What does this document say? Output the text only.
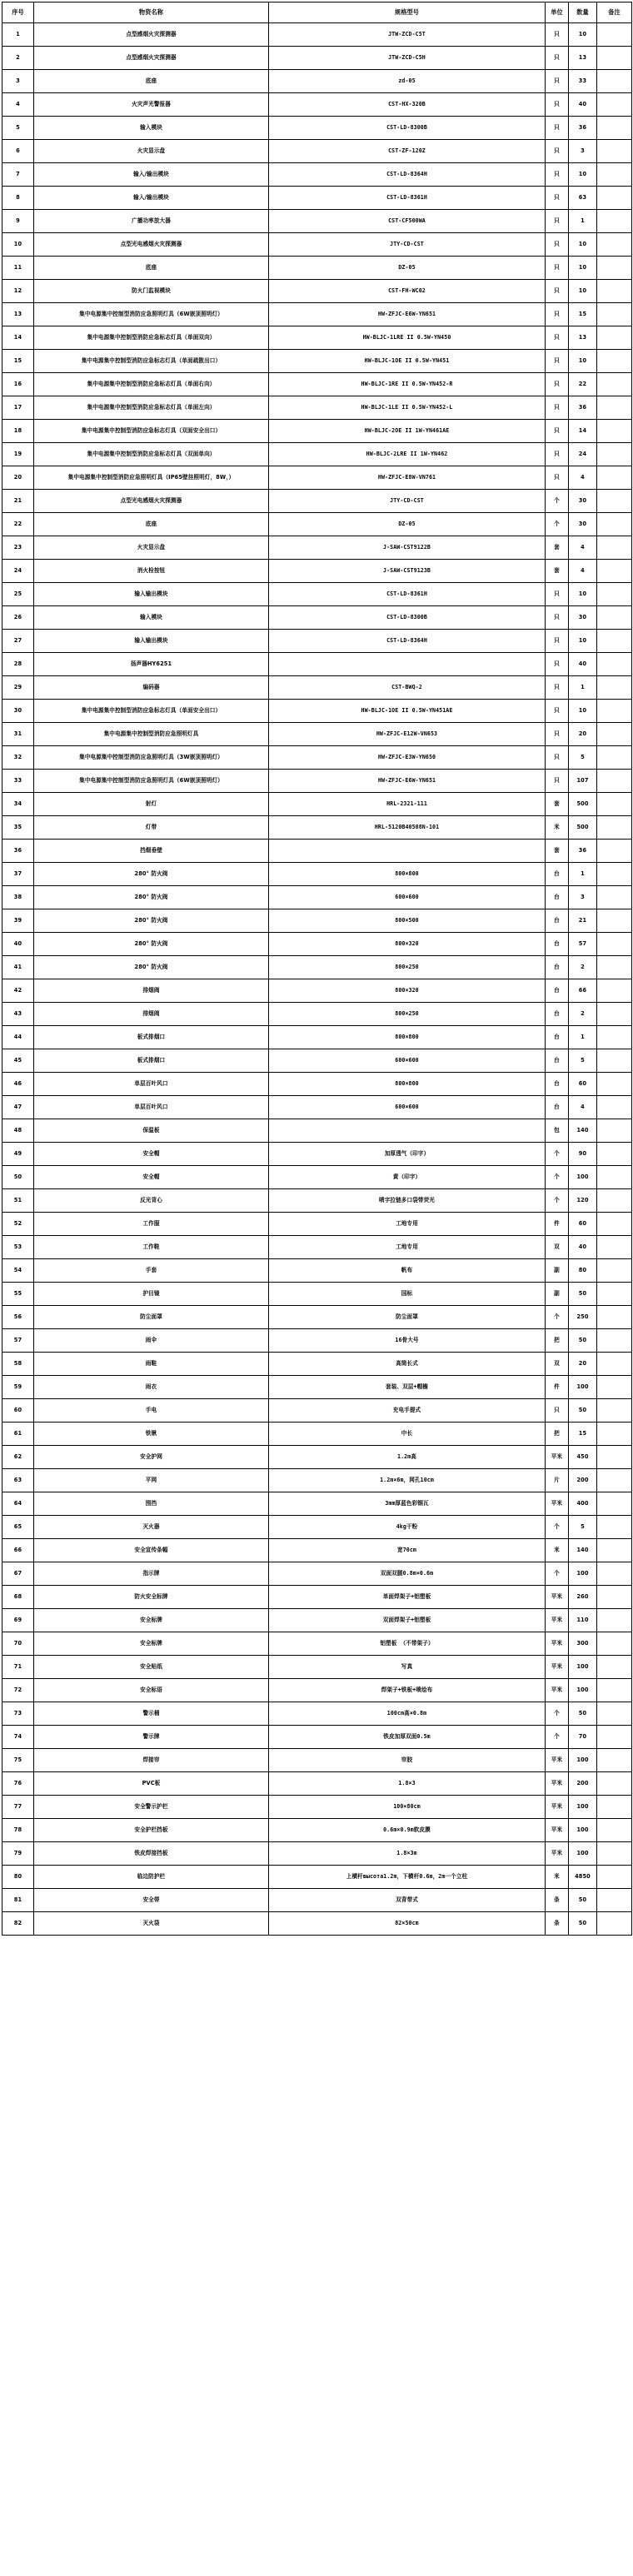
序号	物资名称	规格型号	单位	数量	备注
1	点型感烟火灾探测器	JTW-ZCD-C5T	只	10	
2	点型感烟火灾探测器	JTW-ZCD-C5H	只	13	
3	底座	zd-05	只	33	
4	火灾声光警报器	CST-HX-320B	只	40	
5	输入模块	CST-LD-8300B	只	36	
6	火灾显示盘	CST-ZF-120Z	只	3	
7	输入/输出模块	CST-LD-8364H	只	10	
8	输入/输出模块	CST-LD-8361H	只	63	
9	广播功率放大器	CST-CF500WA	只	1	
10	点型光电感烟火灾探测器	JTY-CD-CST	只	10	
11	底座	DZ-05	只	10	
12	防火门监视模块	CST-FH-WC02	只	10	
13	集中电源集中控制型消防应急照明灯具（6W嵌顶照明灯）	HW-ZFJC-E6W-YN651	只	15	
14	集中电源集中控制型消防应急标志灯具（单面双向）	HW-BLJC-1LRE II 0.5W-YN450	只	13	
15	集中电源集中控制型消防应急标志灯具（单面疏散出口）	HW-BLJC-1OE II 0.5W-YN451	只	10	
16	集中电源集中控制型消防应急标志灯具（单面右向）	HW-BLJC-1RE II 0.5W-YN452-R	只	22	
17	集中电源集中控制型消防应急标志灯具（单面左向）	HW-BLJC-1LE II 0.5W-YN452-L	只	36	
18	集中电源集中控制型消防应急标志灯具（双面安全出口）	HW-BLJC-2OE II 1W-YN461AE	只	14	
19	集中电源集中控制型消防应急标志灯具（双面单向）	HW-BLJC-2LRE II 1W-YN462	只	24	
20	集中电源集中控制型消防应急照明灯具（IP65壁挂照明灯，8W，）	HW-ZFJC-E8W-VN761	只	4	
21	点型光电感烟火灾探测器	JTY-CD-CST	个	30	
22	底座	DZ-05	个	30	
23	火灾显示盘	J-SAW-CST9122B	套	4	
24	消火栓按钮	J-SAW-CST9123B	套	4	
25	输入输出模块	CST-LD-8361H	只	10	
26	输入模块	CST-LD-8300B	只	30	
27	输入输出模块	CST-LD-8364H	只	10	
28	扬声器HY6251		只	40	
29	编码器	CST-BWQ-2	只	1	
30	集中电源集中控制型消防应急标志灯具（单面安全出口）	HW-BLJC-1OE II 0.5W-YN451AE	只	10	
31	集中电源集中控制型消防应急照明灯具	HW-ZFJC-E12W-VN653	只	20	
32	集中电源集中控制型消防应急照明灯具（3W嵌顶照明灯）	HW-ZFJC-E3W-YN650	只	5	
33	集中电源集中控制型消防应急照明灯具（6W嵌顶照明灯）	HW-ZFJC-E6W-YN651	只	107	
34	射灯	HRL-2321-111	套	500	
35	灯带	HRL-5120B40508N-101	米	500	
36	挡烟垂壁		套	36	
37	280° 防火阀	800×800	台	1	
38	280° 防火阀	600×600	台	3	
39	280° 防火阀	800×500	台	21	
40	280° 防火阀	800×320	台	57	
41	280° 防火阀	800×250	台	2	
42	排烟阀	800×320	台	66	
43	排烟阀	800×250	台	2	
44	板式排烟口	800×800	台	1	
45	板式排烟口	600×600	台	5	
46	单层百叶风口	800×800	台	60	
47	单层百叶风口	600×600	台	4	
48	保温板		包	140	
49	安全帽	加厚透气（印字）	个	90	
50	安全帽	黄（印字）	个	100	
51	反光背心	喷字拉链多口袋带荧光	个	120	
52	工作服	工地专用	件	60	
53	工作鞋	工地专用	双	40	
54	手套	帆布	副	80	
55	护目镜	国标	副	50	
56	防尘面罩	防尘面罩	个	250	
57	雨伞	16骨大号	把	50	
58	雨鞋	高筒长式	双	20	
59	雨衣	套装、双层+帽檐	件	100	
60	手电	充电手提式	只	50	
61	铁锹	中长	把	15	
62	安全护网	1.2m高	平米	450	
63	平网	1.2m×6m，网孔10cm	片	200	
64	围挡	3mm厚蓝色彩钢瓦	平米	400	
65	灭火器	4kg干粉	个	5	
66	安全宣传条幅	宽70cm	米	140	
67	指示牌	双面双腿0.8m×0.6m	个	100	
68	防火安全标牌	单面焊架子+铝塑板	平米	260	
69	安全标牌	双面焊架子+铝塑板	平米	110	
70	安全标牌	铝塑板 （不带架子）	平米	300	
71	安全贴纸	写真	平米	100	
72	安全标语	焊架子+铁板+喷绘布	平米	100	
73	警示桶	100cm高×0.8m	个	50	
74	警示牌	铁皮加厚双面0.5m	个	70	
75	焊接帘	帘胶	平米	100	
76	PVC板	1.8×3	平米	200	
77	安全警示护栏	100×80cm	平米	100	
78	安全护栏挡板	0.6m×0.9m软皮膜	平米	100	
79	铁皮焊接挡板	1.8×3m	平米	100	
80	临边防护栏	上横杆высота1.2m，下横杆0.6m，2m一个立柱	米	4850	
81	安全帯	双背带式	条	50	
82	灭火袋	82×50cm	条	50	
